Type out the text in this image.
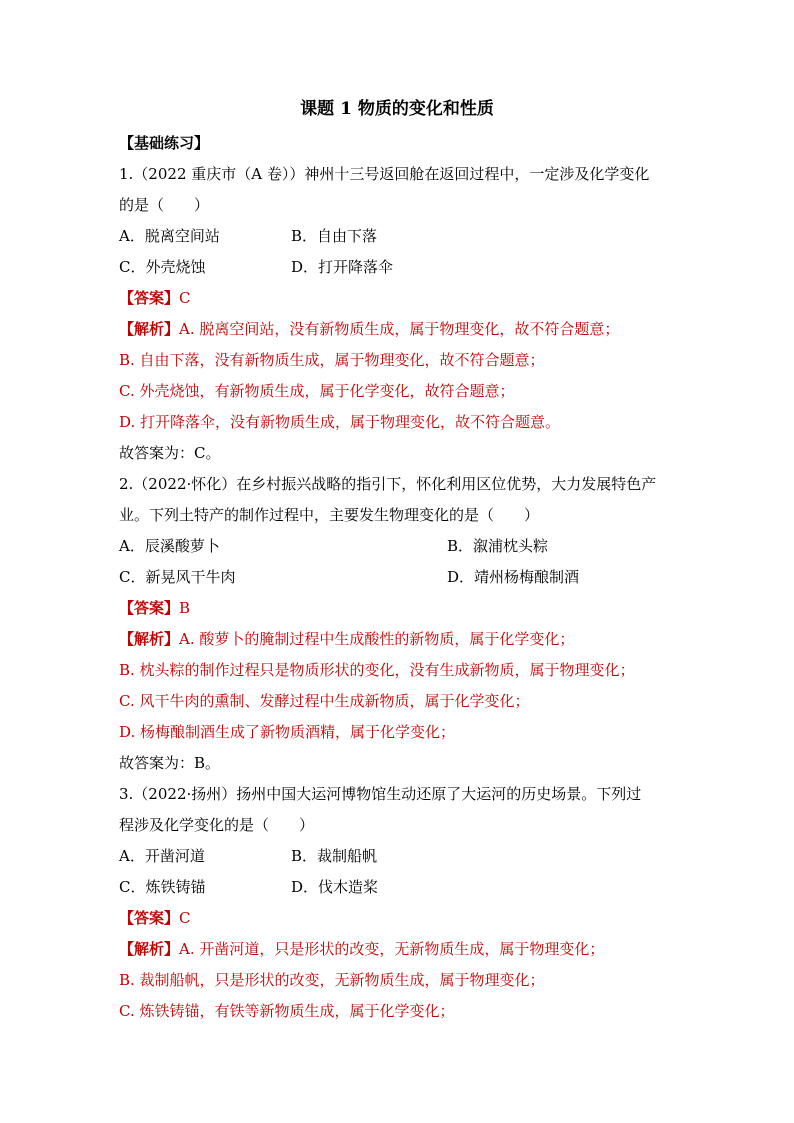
课题 1 物质的变化和性质
【基础练习】
1.（2022 重庆市（A 卷））神州十三号返回舱在返回过程中，一定涉及化学变化
的是（　　）
A．脱离空间站	B．自由下落
C．外壳烧蚀	D．打开降落伞
【答案】C
【解析】A. 脱离空间站，没有新物质生成，属于物理变化，故不符合题意；
B. 自由下落，没有新物质生成，属于物理变化，故不符合题意；
C. 外壳烧蚀，有新物质生成，属于化学变化，故符合题意；
D. 打开降落伞，没有新物质生成，属于物理变化，故不符合题意。
故答案为：C。
2.（2022·怀化）在乡村振兴战略的指引下，怀化利用区位优势，大力发展特色产
业。下列土特产的制作过程中，主要发生物理变化的是（　　）
A．辰溪酸萝卜	B．溆浦枕头粽
C．新晃风干牛肉	D．靖州杨梅酿制酒
【答案】B
【解析】A. 酸萝卜的腌制过程中生成酸性的新物质，属于化学变化；
B. 枕头粽的制作过程只是物质形状的变化，没有生成新物质，属于物理变化；
C. 风干牛肉的熏制、发酵过程中生成新物质，属于化学变化；
D. 杨梅酿制酒生成了新物质酒精，属于化学变化；
故答案为：B。
3.（2022·扬州）扬州中国大运河博物馆生动还原了大运河的历史场景。下列过
程涉及化学变化的是（　　）
A．开凿河道	B．裁制船帆
C．炼铁铸锚	D．伐木造桨
【答案】C
【解析】A. 开凿河道，只是形状的改变，无新物质生成，属于物理变化；
B. 裁制船帆，只是形状的改变，无新物质生成，属于物理变化；
C. 炼铁铸锚，有铁等新物质生成，属于化学变化；
